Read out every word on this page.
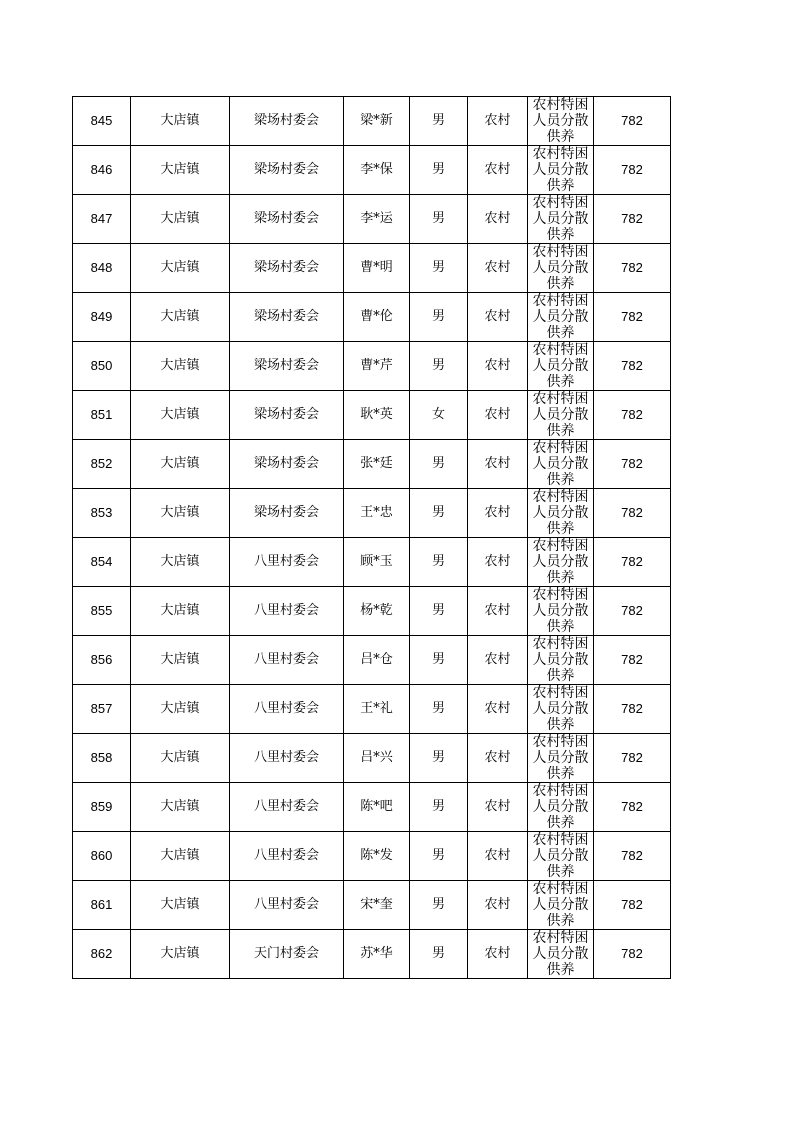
845	大店镇	梁场村委会	梁*新	男	农村	农村特困人员分散供养	782
846	大店镇	梁场村委会	李*保	男	农村	农村特困人员分散供养	782
847	大店镇	梁场村委会	李*运	男	农村	农村特困人员分散供养	782
848	大店镇	梁场村委会	曹*明	男	农村	农村特困人员分散供养	782
849	大店镇	梁场村委会	曹*伦	男	农村	农村特困人员分散供养	782
850	大店镇	梁场村委会	曹*芹	男	农村	农村特困人员分散供养	782
851	大店镇	梁场村委会	耿*英	女	农村	农村特困人员分散供养	782
852	大店镇	梁场村委会	张*廷	男	农村	农村特困人员分散供养	782
853	大店镇	梁场村委会	王*忠	男	农村	农村特困人员分散供养	782
854	大店镇	八里村委会	顾*玉	男	农村	农村特困人员分散供养	782
855	大店镇	八里村委会	杨*乾	男	农村	农村特困人员分散供养	782
856	大店镇	八里村委会	吕*仓	男	农村	农村特困人员分散供养	782
857	大店镇	八里村委会	王*礼	男	农村	农村特困人员分散供养	782
858	大店镇	八里村委会	吕*兴	男	农村	农村特困人员分散供养	782
859	大店镇	八里村委会	陈*吧	男	农村	农村特困人员分散供养	782
860	大店镇	八里村委会	陈*发	男	农村	农村特困人员分散供养	782
861	大店镇	八里村委会	宋*奎	男	农村	农村特困人员分散供养	782
862	大店镇	天门村委会	苏*华	男	农村	农村特困人员分散供养	782
